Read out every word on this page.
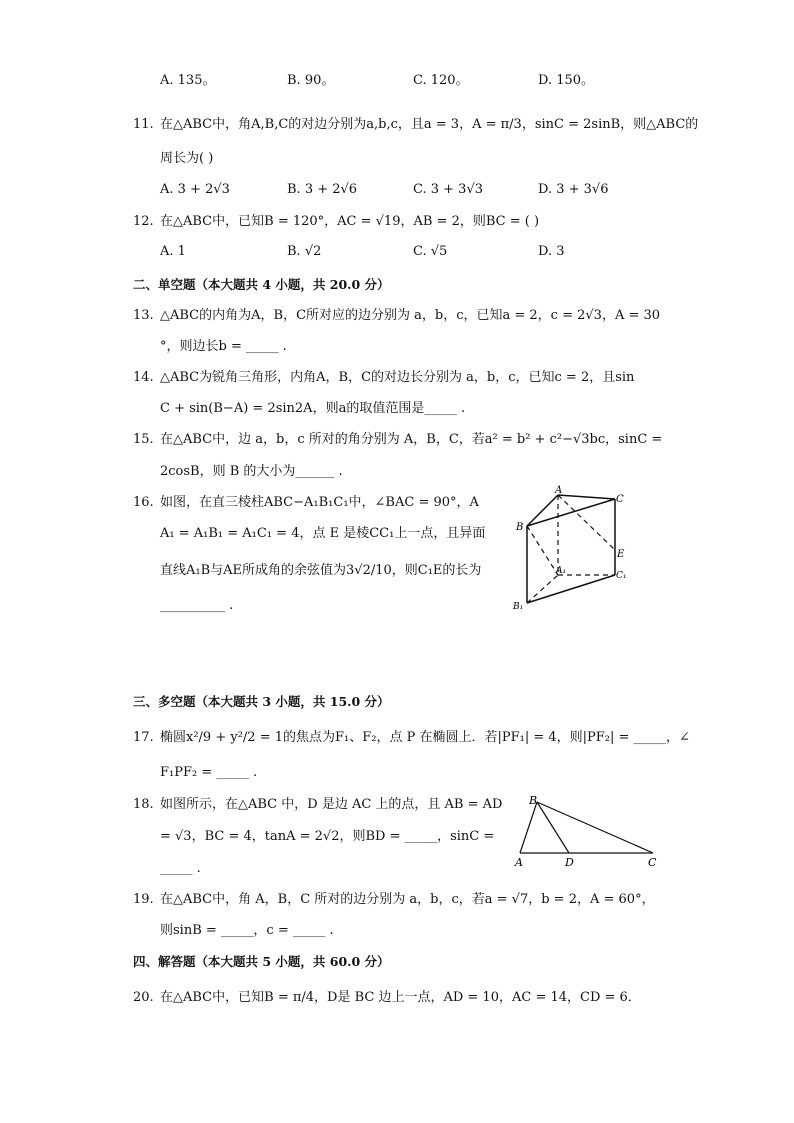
A. 135。	B. 90。	C. 120。	D. 150。
11. 在△ABC中，角A,B,C的对边分别为a,b,c，且a = 3，A = π/3，sinC = 2sinB，则△ABC的
周长为( )
A. 3 + 2√3	B. 3 + 2√6	C. 3 + 3√3	D. 3 + 3√6
12. 在△ABC中，已知B = 120°，AC = √19，AB = 2，则BC = ( )
A. 1	B. √2	C. √5	D. 3
二、单空题（本大题共 4 小题，共 20.0 分）
13. △ABC的内角为A，B，C所对应的边分别为 a，b，c，已知a = 2，c = 2√3，A = 30
°，则边长b = _____ .
14. △ABC为锐角三角形，内角A，B，C的对边长分别为 a，b，c，已知c = 2，且sin
C + sin(B−A) = 2sin2A，则a的取值范围是_____ .
15. 在△ABC中，边 a，b，c 所对的角分别为 A，B，C，若a² = b² + c²−√3bc，sinC =
2cosB，则 B 的大小为______ .
16. 如图，在直三棱柱ABC−A₁B₁C₁中，∠BAC = 90°，A
A₁ = A₁B₁ = A₁C₁ = 4，点 E 是棱CC₁上一点，且异面
直线A₁B与AE所成角的余弦值为3√2/10，则C₁E的长为
__________ .
A
C
B
E
A₁	C₁
B₁
三、多空题（本大题共 3 小题，共 15.0 分）
17. 椭圆x²/9 + y²/2 = 1的焦点为F₁、F₂，点 P 在椭圆上．若|PF₁| = 4，则|PF₂| = _____，∠
F₁PF₂ = _____ .
18. 如图所示，在△ABC 中，D 是边 AC 上的点，且 AB = AD
= √3，BC = 4，tanA = 2√2，则BD = _____，sinC =
_____ .
B
A	D	C
19. 在△ABC中，角 A，B，C 所对的边分别为 a，b，c，若a = √7，b = 2，A = 60°，
则sinB = _____，c = _____ .
四、解答题（本大题共 5 小题，共 60.0 分）
20. 在△ABC中，已知B = π/4，D是 BC 边上一点，AD = 10，AC = 14，CD = 6．
